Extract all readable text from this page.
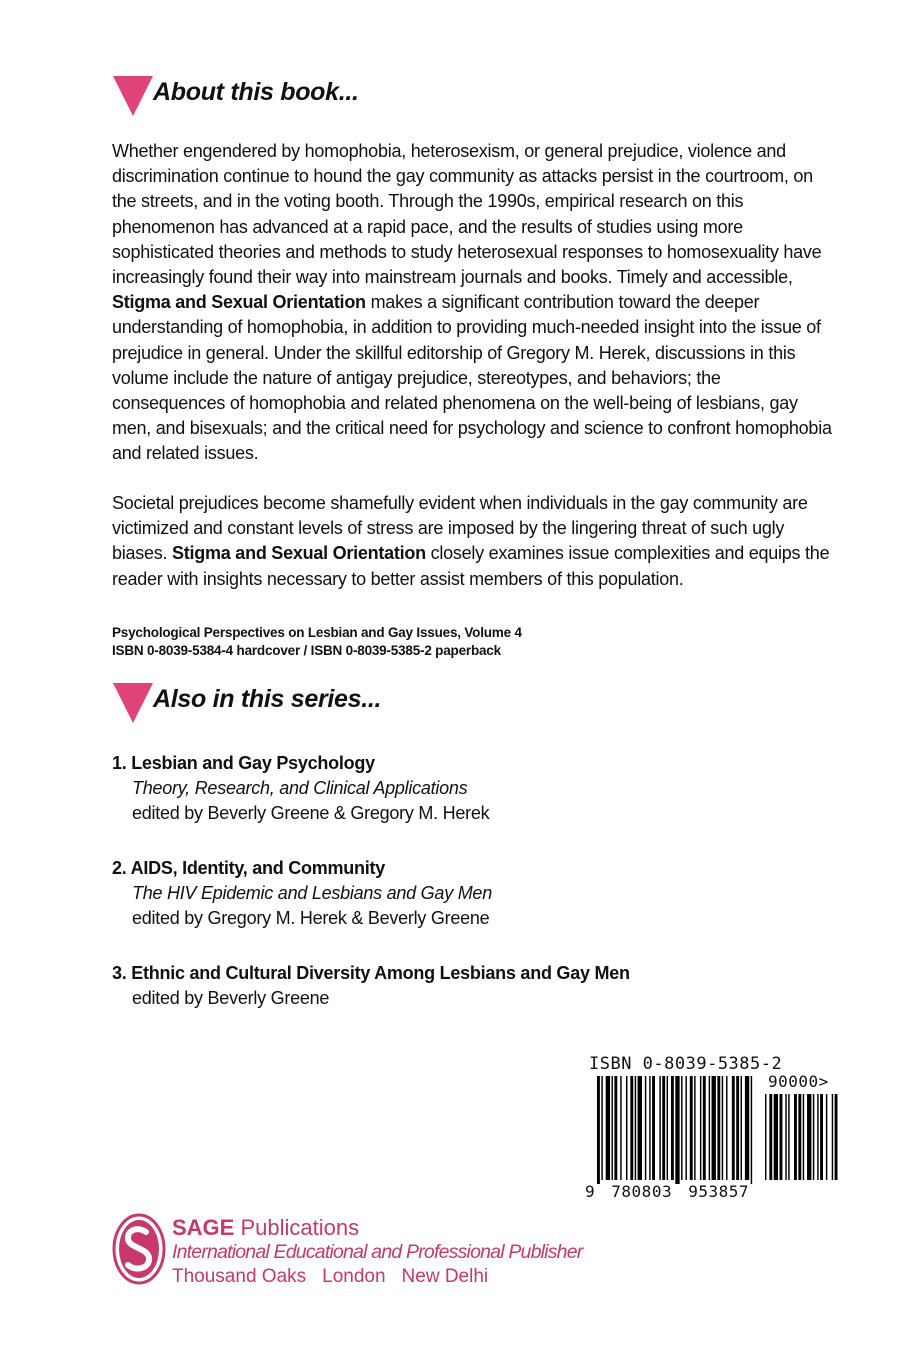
About this book...

Whether engendered by homophobia, heterosexism, or general prejudice, violence and discrimination continue to hound the gay community as attacks persist in the courtroom, on the streets, and in the voting booth. Through the 1990s, empirical research on this phenomenon has advanced at a rapid pace, and the results of studies using more sophisticated theories and methods to study heterosexual responses to homosexuality have increasingly found their way into mainstream journals and books. Timely and accessible, Stigma and Sexual Orientation makes a significant contribution toward the deeper understanding of homophobia, in addition to providing much-needed insight into the issue of prejudice in general. Under the skillful editorship of Gregory M. Herek, discussions in this volume include the nature of antigay prejudice, stereotypes, and behaviors; the consequences of homophobia and related phenomena on the well-being of lesbians, gay men, and bisexuals; and the critical need for psychology and science to confront homophobia and related issues.

Societal prejudices become shamefully evident when individuals in the gay community are victimized and constant levels of stress are imposed by the lingering threat of such ugly biases. Stigma and Sexual Orientation closely examines issue complexities and equips the reader with insights necessary to better assist members of this population.

Psychological Perspectives on Lesbian and Gay Issues, Volume 4
ISBN 0-8039-5384-4 hardcover / ISBN 0-8039-5385-2 paperback
Also in this series...
1. Lesbian and Gay Psychology
Theory, Research, and Clinical Applications
edited by Beverly Greene & Gregory M. Herek
2. AIDS, Identity, and Community
The HIV Epidemic and Lesbians and Gay Men
edited by Gregory M. Herek & Beverly Greene
3. Ethnic and Cultural Diversity Among Lesbians and Gay Men
edited by Beverly Greene
ISBN 0-8039-5385-2
90000>
9 780803 953857
SAGE Publications
International Educational and Professional Publisher
Thousand Oaks London New Delhi
